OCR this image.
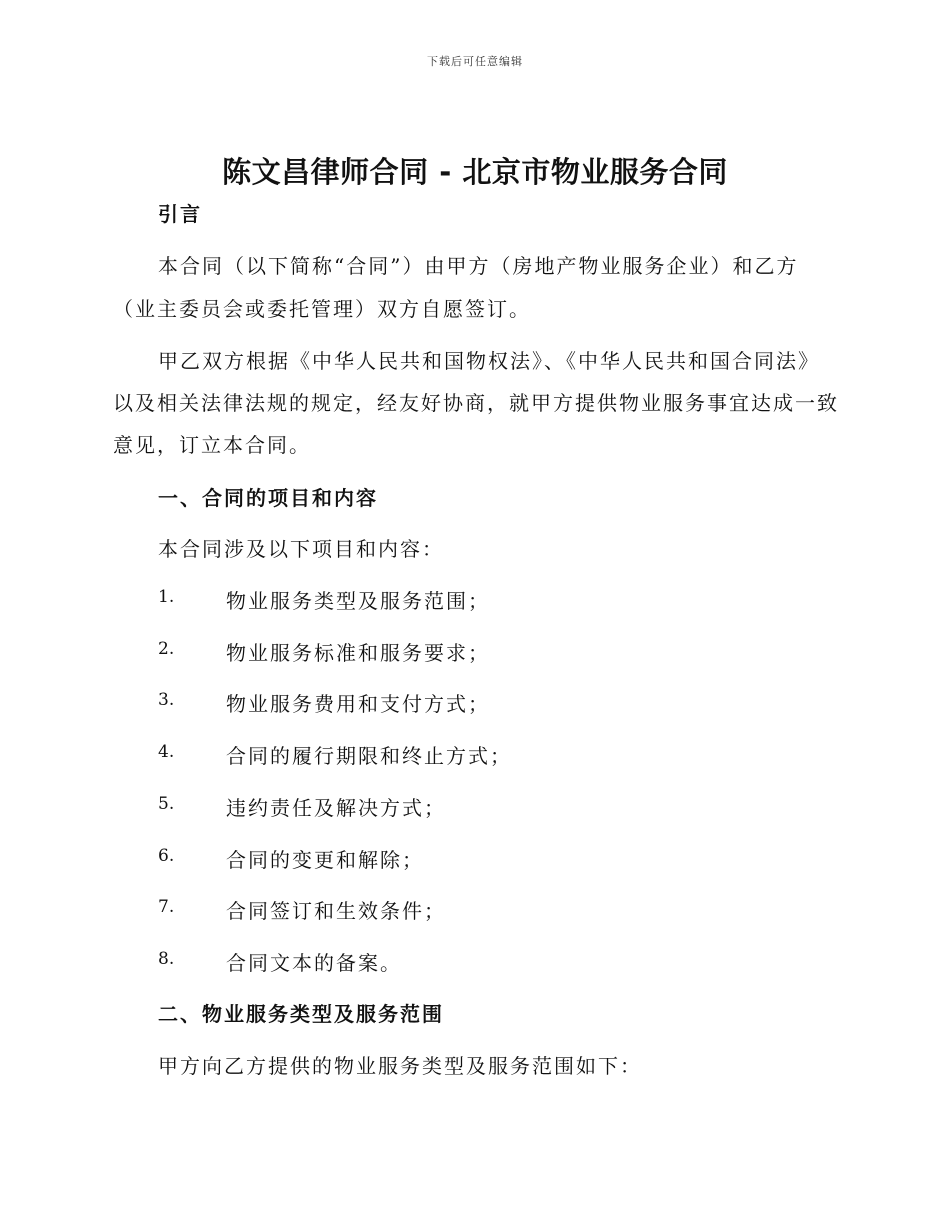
下载后可任意编辑
陈文昌律师合同 - 北京市物业服务合同
引言
本合同（以下简称“合同”）由甲方（房地产物业服务企业）和乙方
（业主委员会或委托管理）双方自愿签订。
甲乙双方根据《中华人民共和国物权法》、《中华人民共和国合同法》
以及相关法律法规的规定，经友好协商，就甲方提供物业服务事宜达成一致
意见，订立本合同。
一、合同的项目和内容
本合同涉及以下项目和内容：
1.	物业服务类型及服务范围；
2.	物业服务标准和服务要求；
3.	物业服务费用和支付方式；
4.	合同的履行期限和终止方式；
5.	违约责任及解决方式；
6.	合同的变更和解除；
7.	合同签订和生效条件；
8.	合同文本的备案。
二、物业服务类型及服务范围
甲方向乙方提供的物业服务类型及服务范围如下：
